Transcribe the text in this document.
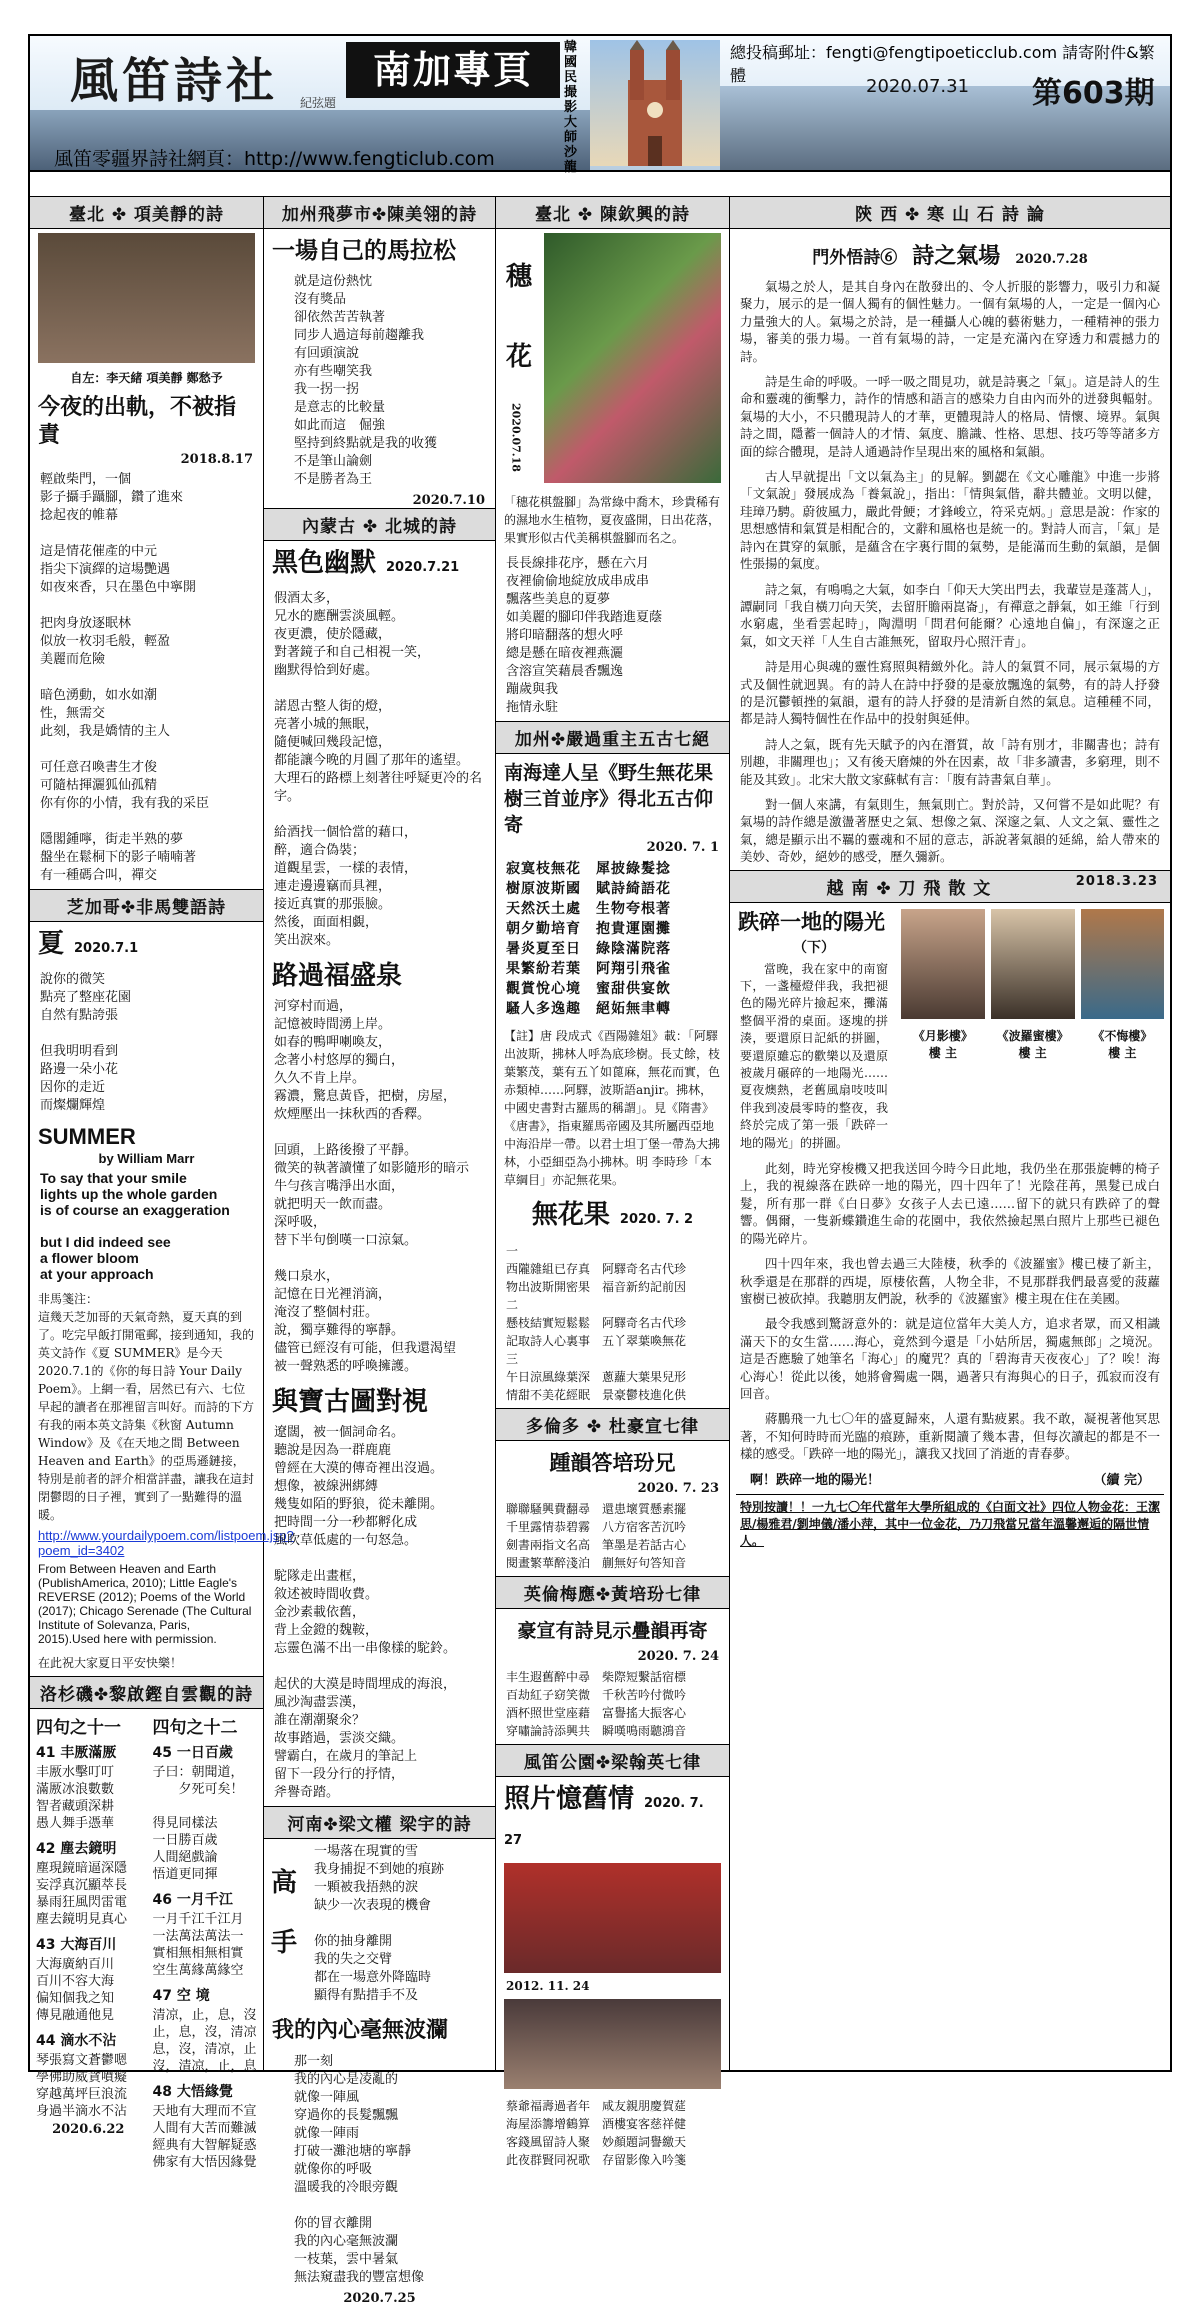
風笛詩社 紀弦題
南加專頁
韓國民撮影大師沙龍
總投稿郵址：fengti@fengtipoeticclub.com 請寄附件&繁體
2020.07.31 第603期
風笛零疆界詩社網頁：http://www.fengticlub.com
臺北 ✤ 項美靜的詩
自左：李天緒 項美靜 鄭愁予
今夜的出軌，不被指責
2018.8.17
輕啟柴門，一個
影子攝手躡腳，鑽了進來
捻起夜的帷幕

這是情花催產的中元
指尖下演繹的這場艷遇
如夜來香，只在墨色中寧開

把肉身放逐眠林
似放一枚羽毛般，輕盈
美麗而危險

暗色湧動，如水如潮
性，無需交
此刻，我是嬌情的主人

可任意召喚書生才俊
可隨枯揮灑狐仙孤精
你有你的小情，我有我的采臣

隱閣鍾嚀，街走半熟的夢
盤坐在鬆桐下的影子喃喃著
有一種碼合叫，禪交
芝加哥✤非馬雙語詩
夏 2020.7.1
說你的微笑
點亮了整座花園
自然有點誇張

但我明明看到
路邊一朵小花
因你的走近
而燦爛輝煌
SUMMER
by William Marr
To say that your smile
lights up the whole garden
is of course an exaggeration

but I did indeed see
a flower bloom
at your approach
非馬箋注：
這幾天芝加哥的天氣奇熱，夏天真的到了。吃完早飯打開電郵，接到通知，我的英文詩作《夏 SUMMER》是今天2020.7.1的《你的每日詩 Your Daily Poem》。上網一看，居然已有六、七位早起的讀者在那裡留言叫好。而詩的下方有我的兩本英文詩集《秋窗 Autumn Window》及《在天地之間 Between Heaven and Earth》的亞馬遜鏈接，特別是前者的評介相當詳盡，讓我在這封閉鬱悶的日子裡，實到了一點難得的溫暖。
http://www.yourdailypoem.com/listpoem.jsp?poem_id=3402
From Between Heaven and Earth (PublishAmerica, 2010); Little Eagle's REVERSE (2012); Poems of the World (2017); Chicago Serenade (The Cultural Institute of Solevanza, Paris, 2015).Used here with permission.
在此祝大家夏日平安快樂！
洛杉磯✤黎啟鏗自雲觀的詩
四句之十一
41 丰厫滿厫
丰厫水擊叮叮
滿厫冰浪數數
智者藏頭深耕
愚人舞手憑華
42 塵去鏡明
塵現鏡暗逼深隱
妄浮真沉顯萃長
暴雨狂風閃雷電
塵去鏡明見真心
43 大海百川
大海廣納百川
百川不容大海
偏知個我之知
傳見融通他見
44 滴水不沾
琴張寫文蒼鬱嗯
學佛助威貪噴癡
穿越萬坪巨浪流
身過半滴水不沾
2020.6.22
四句之十二
45 一日百歲
子曰：朝聞道，
　　夕死可矣！

得見同樣法
一日勝百歲
人間絕戲論
悟道更同揮
46 一月千江
一月千江千江月
一法萬法萬法一
實相無相無相實
空生萬緣萬緣空
47 空 境
清凉，止，息，沒
止，息，沒，清凉
息，沒，清凉，止
沒，清凉，止，息
48 大悟緣覺
天地有大理而不宣
人間有大苦而難滅
經典有大智解疑惑
佛家有大悟因緣覺
加州飛夢市✤陳美翎的詩
一場自己的馬拉松
就是這份熱忱
沒有獎品
卻依然苦苦執著
同步人過這每前趨離我
有回頭演說
亦有些嘲笑我
我一拐一拐
是意志的比較量
如此而這　倔強
堅持到終點就是我的收獲
不是筆山論劍
不是勝者為王
2020.7.10
內蒙古 ✤ 北城的詩
黑色幽默 2020.7.21
假酒太多，
兄水的應酬雲淡風輕。
夜更濃，使於隱藏，
對著鏡子和自己相視一笑，
幽默得恰到好處。

諾恩古整人街的燈，
亮著小城的無眠，
隨便喊回幾段記憶，
都能讓今晚的月圓了那年的遙望。
大理石的路標上刻著往呼疑更冷的名字。

給酒找一個恰當的藉口，
醉，適合偽裝；
道觀星雲，一樣的表情，
連走邊邊竊而具裡，
接近真實的那張臉。
然後，面面相覷，
笑出淚來。
路過福盛泉
河穿村而過，
記憶被時間湧上岸。
如春的鴨呷喇喚友，
念著小村悠厚的獨白，
久久不肯上岸。
霧濃，驚息黃昏，把樹，房屋，
炊煙壓出一抹秋西的香釋。

回頭，上路後撥了平靜。
微笑的執著讀懂了如影隨形的暗示
牛勻孩言嘴淨出水面，
就把明天一飲而盡。
深呼吸，
替下半句倒嘆一口涼氣。

幾口泉水，
記憶在日光裡消滴，
淹沒了整個村莊。
說，獨享難得的寧靜。
儘管已經沒有可能，但我還渴望
被一聲熟悉的呼喚擁護。
與寶古圖對視
遼闊，被一個詞命名。
聽說是因為一群鹿鹿
曾經在大漠的傳奇裡出沒過。
想像，被線洲綁縛
幾隻如陌的野狼，從未離開。
把時間一分一秒都孵化成
風吹草低處的一句怒急。

駝隊走出畫框，
敘述被時間收費。
金沙素載依舊，
背上金鐙的魏鞍，
忘靈色滿不出一串像樣的駝鈴。

起伏的大漠是時間埋成的海浪，
風沙淘盡雲漢，
誰在潮潮聚氽？
故事踏過，雲淡交織。
譬霸白，在歲月的筆記上
留下一段分行的抒情，
斧譽奇踏。
河南✤梁文權 梁宇的詩
高手
一場落在現實的雪
我身捕捉不到她的痕跡
一顆被我捂熱的淚
缺少一次表現的機會

你的抽身離開
我的失之交臂
都在一場意外降臨時
顯得有點措手不及
我的內心毫無波瀾
那一刻
我的內心是凌亂的
就像一陣風
穿過你的長髮飄飄
就像一陣雨
打破一灘池塘的寧靜
就像你的呼吸
溫暖我的冷眼旁觀

你的冒衣離開
我的內心毫無波瀾
一枝葉，雲中暑氣
無法窺盡我的豐富想像
2020.7.25
臺北 ✤ 陳欽興的詩
穗花
2020.07.18
「穗花棋盤腳」為常綠中喬木，珍貴稀有的濕地水生植物，夏夜盛開，日出花落，果實形似古代美稱棋盤腳而名之。
長長線排花序，懸在六月
夜裡偷偷地綻放成串成串
飄落些美息的夏夢
如美麗的腳印伴我踏進夏蔭
將印暗翻落的想火呼
總是懸在暗夜裡燕灑
含溶宣笑藉晨香飄逸
蹦歲與我
拖情永駐
加州✤嚴過重主五古七絕
南海達人呈《野生無花果樹三首並序》得北五古仰寄
2020. 7. 1
寂寞枝無花　犀披綠髮捻
樹原波斯國　賦詩綺語花
天然沃土處　生物夸根著
朝夕勤培育　抱貴運園攤
暑炎夏至日　綠陰滿院落
果繁紛若葉　阿翔引飛雀
觀賞悅心境　蜜甜供宴飲
騷人多逸趣　絕妬無聿轉
【註】唐 段成式《酉陽雜俎》載：「阿驛出波斯，拂林人呼為底珍樹。長丈餘，枝葉繁茂，葉有五丫如蓖麻，無花而實，色赤類棹……阿驛，波斯語anjir。拂林，中國史書對古羅馬的稱謂」。見《隋書》《唐書》，指東羅馬帝國及其所屬西亞地中海沿岸一帶。以君士坦丁堡一帶為大拂林，小亞細亞為小拂林。明 李時珍「本草綱目」亦記無花果。
無花果 2020. 7. 2
一
西隴雜組已存真　阿驛奇名古代珍
物出波斯開密果　福音新約記前因
二
懸枝結實短鬆鬆　阿驛奇名古代珍
記取詩人心裏事　五丫翠葉喚無花
三
午日涼風綠葉深　蔥蘿大葉果兒形
情甜不美花經眠　景豪鬱枝進化供
多倫多 ✤ 杜豪宣七律
踵韻答培玢兄
2020. 7. 23
聯聯騷興費翻尋　還患壞質懸素擺
千里露情恭碧霧　八方宿客苦沉吟
劍書兩指文名高　筆墨是若話古心
閱畫繁華醉淺泊　蒯無好句答知音
英倫梅應✤黃培玢七律
豪宣有詩見示疊韻再寄
2020. 7. 24
丰生遐舊醉中尋　柴際短繫話宿標
百劫紅子窈笑微　千秋苦吟付微吟
酒杯照世堂座藉　富譽搖大振客心
穿嘯論詩添興共　瞬嘆鳴雨聽鴻音
風笛公園✤梁翰英七律
照片憶舊情 2020. 7. 27
2012. 11. 24
蔡爺福壽過者年　咸友親朋慶賀莚
海屋添籌增鶴算　酒樓宴客慈祥健
客錢風留詩人聚　妙顏題詞譽繳天
此夜群賢同祝歌　存留影像入吟箋
陝 西 ✤ 寒 山 石 詩 論
門外悟詩⑥ 詩之氣場 2020.7.28
氣場之於人，是其自身內在散發出的、令人折服的影響力，吸引力和凝聚力，展示的是一個人獨有的個性魅力。一個有氣場的人，一定是一個內心力量強大的人。氣場之於詩，是一種攝人心魄的藝術魅力，一種精神的張力場，審美的張力場。一首有氣場的詩，一定是充滿內在穿透力和震撼力的詩。
詩是生命的呼吸。一呼一吸之間見功，就是詩裏之「氣」。這是詩人的生命和靈魂的衝擊力，詩作的情感和語言的感染力自由內而外的迸發與輻射。氣場的大小，不只體現詩人的才華，更體現詩人的格局、情懷、境界。氣與詩之間，隱蓄一個詩人的才情、氣度、膽識、性格、思想、技巧等等諸多方面的綜合體現，是詩人通過詩作呈現出來的風格和氣韻。
古人早就提出「文以氣為主」的見解。劉勰在《文心雕龍》中進一步將「文氣說」發展成為「養氣說」，指出：「情與氣偕，辭共體並。文明以健，珪璋乃騁。蔚彼風力，嚴此骨鯁；才鋒峻立，符采克炳。」意思是說：作家的思想感情和氣質是相配合的，文辭和風格也是統一的。對詩人而言，「氣」是詩內在貫穿的氣脈，是蘊含在字裏行間的氣勢，是能滿而生動的氣韻，是個性張揚的氣度。
詩之氣，有鳴鳴之大氣，如李白「仰天大笑出門去，我輩豈是蓬蒿人」，譚嗣同「我自橫刀向天笑，去留肝膽兩崑崙」，有禪意之靜氣，如王維「行到水窮處，坐看雲起時」，陶淵明「問君何能爾？心遠地自偏」，有深邃之正氣，如文天祥「人生自古誰無死，留取丹心照汗青」。
詩是用心與魂的靈性寫照與精緻外化。詩人的氣質不同，展示氣場的方式及個性就迥異。有的詩人在詩中抒發的是豪放飄逸的氣勢，有的詩人抒發的是沉鬱頓挫的氣韻，還有的詩人抒發的是清新自然的氣息。這種種不同，都是詩人獨特個性在作品中的投射與延伸。
詩人之氣，既有先天賦予的內在潛質，故「詩有別才，非關書也；詩有別趣，非關理也」；又有後天磨煉的外在因素，故「非多讀書，多窮理，則不能及其致」。北宋大散文家蘇軾有言：「腹有詩書氣自華」。
對一個人來講，有氣則生，無氣則亡。對於詩，又何嘗不是如此呢？有氣場的詩作總是激盪著歷史之氣、想像之氣、深邃之氣、人文之氣、靈性之氣，總是顯示出不羈的靈魂和不屈的意志，訴說著氣韻的延綿，給人帶來的美妙、奇妙，絕妙的感受，歷久彌新。
越 南 ✤ 刀 飛 散 文	2018.3.23
跌碎一地的陽光
（下）
當晚，我在家中的南窗下，一盞檯燈伴我，我把褪色的陽光碎片撿起來，攤滿整個平滑的桌面。逐塊的拼湊，要還原日記紙的拼圖，要還原雖忘的歡樂以及還原被歲月碾碎的一地陽光……夏夜燠熱，老舊風扇吱吱叫伴我到凌晨零時的整夜，我終於完成了第一張「跌碎一地的陽光」的拼圖。
《月影樓》
樓 主
《波羅蜜樓》
樓 主
《不悔樓》
樓 主
此刻，時光穿梭機又把我送回今時今日此地，我仍坐在那張旋轉的椅子上，我的視線落在跌碎一地的陽光，四十四年了！光陰荏苒，黑髮已成白髮，所有那一群《白日夢》女孩子人去已遠……留下的就只有跌碎了的聲響。偶爾，一隻新蝶鑽進生命的花園中，我依然撿起黑白照片上那些已褪色的陽光碎片。
四十四年來，我也曾去過三大陸棲，秋季的《波羅蜜》樓已棲了新主，秋季還是在那群的西堤，原棲依舊，人物全非，不見那群我們最喜愛的菠蘿蜜樹已被砍掉。我聽朋友們說，秋季的《波羅蜜》樓主現在住在美國。
最令我感到驚訝意外的：就是這位當年大美人方，追求者眾，而又相識滿天下的女生當……海心，竟然到今還是「小姑所居，獨處無郎」之境況。這是否應驗了她筆名「海心」的魔咒？真的「碧海青天夜夜心」了？唉！海心海心！從此以後，她將會獨處一隅，過著只有海與心的日子，孤寂而沒有回音。
蔣鵬飛一九七〇年的盛夏歸來，人還有點疲累。我不敢，凝視著他冥思著，不知何時時而光臨的痕跡，重新閱讀了幾本書，但每次讀起的都是不一樣的感受。「跌碎一地的陽光」，讓我又找回了消逝的青春夢。
啊！跌碎一地的陽光！	（續 完）
特別按讀！！一九七〇年代當年大學所組成的《白面文社》四位人物金花：王潔思/楊雅君/劉坤儀/潘小萍，其中一位金花，乃刀飛當兄當年溫馨邂逅的隔世情人。
